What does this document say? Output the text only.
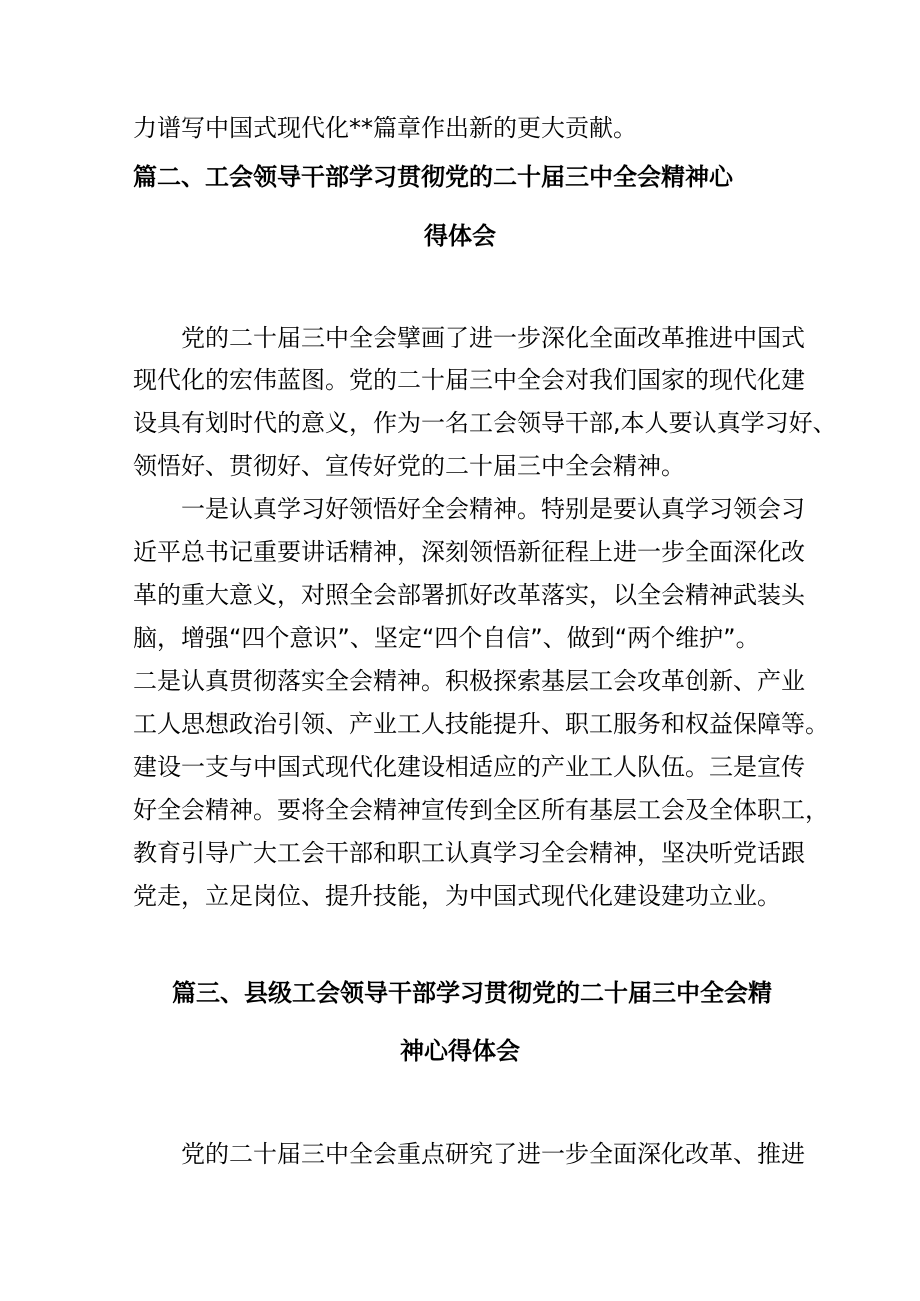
力谱写中国式现代化**篇章作出新的更大贡献。
篇二、工会领导干部学习贯彻党的二十届三中全会精神心
得体会
党的二十届三中全会擘画了进一步深化全面改革推进中国式
现代化的宏伟蓝图。党的二十届三中全会对我们国家的现代化建
设具有划时代的意义，作为一名工会领导干部,本人要认真学习好、
领悟好、贯彻好、宣传好党的二十届三中全会精神。
一是认真学习好领悟好全会精神。特别是要认真学习领会习
近平总书记重要讲话精神，深刻领悟新征程上进一步全面深化改
革的重大意义，对照全会部署抓好改革落实，以全会精神武装头
脑，增强“四个意识”、坚定“四个自信”、做到“两个维护”。
二是认真贯彻落实全会精神。积极探索基层工会攻革创新、产业
工人思想政治引领、产业工人技能提升、职工服务和权益保障等。
建设一支与中国式现代化建设相适应的产业工人队伍。三是宣传
好全会精神。要将全会精神宣传到全区所有基层工会及全体职工，
教育引导广大工会干部和职工认真学习全会精神，坚决听党话跟
党走，立足岗位、提升技能，为中国式现代化建设建功立业。
篇三、县级工会领导干部学习贯彻党的二十届三中全会精
神心得体会
党的二十届三中全会重点研究了进一步全面深化改革、推进
